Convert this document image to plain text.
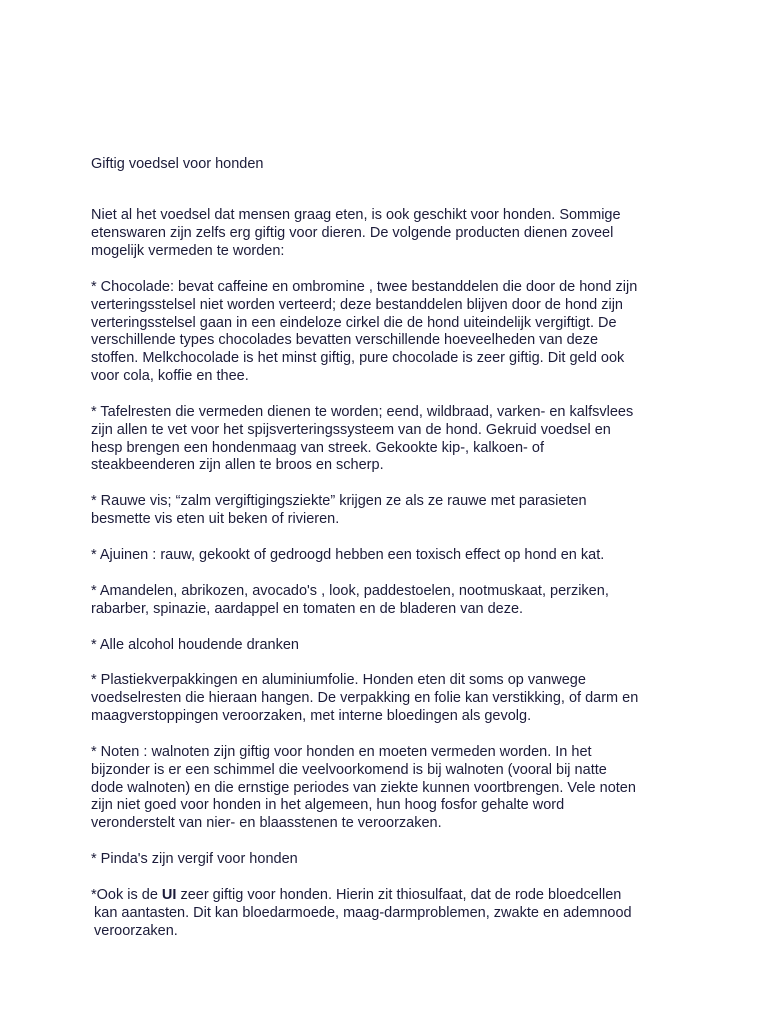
Giftig voedsel voor honden

Niet al het voedsel dat mensen graag eten, is ook geschikt voor honden. Sommige
etenswaren zijn zelfs erg giftig voor dieren. De volgende producten dienen zoveel
mogelijk vermeden te worden:

* Chocolade: bevat caffeine en ombromine , twee bestanddelen die door de hond zijn
verteringsstelsel niet worden verteerd; deze bestanddelen blijven door de hond zijn
verteringsstelsel gaan in een eindeloze cirkel die de hond uiteindelijk vergiftigt. De
verschillende types chocolades bevatten verschillende hoeveelheden van deze
stoffen. Melkchocolade is het minst giftig, pure chocolade is zeer giftig. Dit geld ook
voor cola, koffie en thee.

* Tafelresten die vermeden dienen te worden; eend, wildbraad, varken- en kalfsvlees
zijn allen te vet voor het spijsverteringssysteem van de hond. Gekruid voedsel en
hesp brengen een hondenmaag van streek. Gekookte kip-, kalkoen- of
steakbeenderen zijn allen te broos en scherp.

* Rauwe vis; “zalm vergiftigingsziekte” krijgen ze als ze rauwe met parasieten
besmette vis eten uit beken of rivieren.

* Ajuinen : rauw, gekookt of gedroogd hebben een toxisch effect op hond en kat.

* Amandelen, abrikozen, avocado's , look, paddestoelen, nootmuskaat, perziken,
rabarber, spinazie, aardappel en tomaten en de bladeren van deze.

* Alle alcohol houdende dranken

* Plastiekverpakkingen en aluminiumfolie. Honden eten dit soms op vanwege
voedselresten die hieraan hangen. De verpakking en folie kan verstikking, of darm en
maagverstoppingen veroorzaken, met interne bloedingen als gevolg.

* Noten : walnoten zijn giftig voor honden en moeten vermeden worden. In het
bijzonder is er een schimmel die veelvoorkomend is bij walnoten (vooral bij natte
dode walnoten) en die ernstige periodes van ziekte kunnen voortbrengen. Vele noten
zijn niet goed voor honden in het algemeen, hun hoog fosfor gehalte word
veronderstelt van nier- en blaasstenen te veroorzaken.

* Pinda's zijn vergif voor honden

*Ook is de UI zeer giftig voor honden. Hierin zit thiosulfaat, dat de rode bloedcellen
kan aantasten. Dit kan bloedarmoede, maag-darmproblemen, zwakte en ademnood
veroorzaken.
